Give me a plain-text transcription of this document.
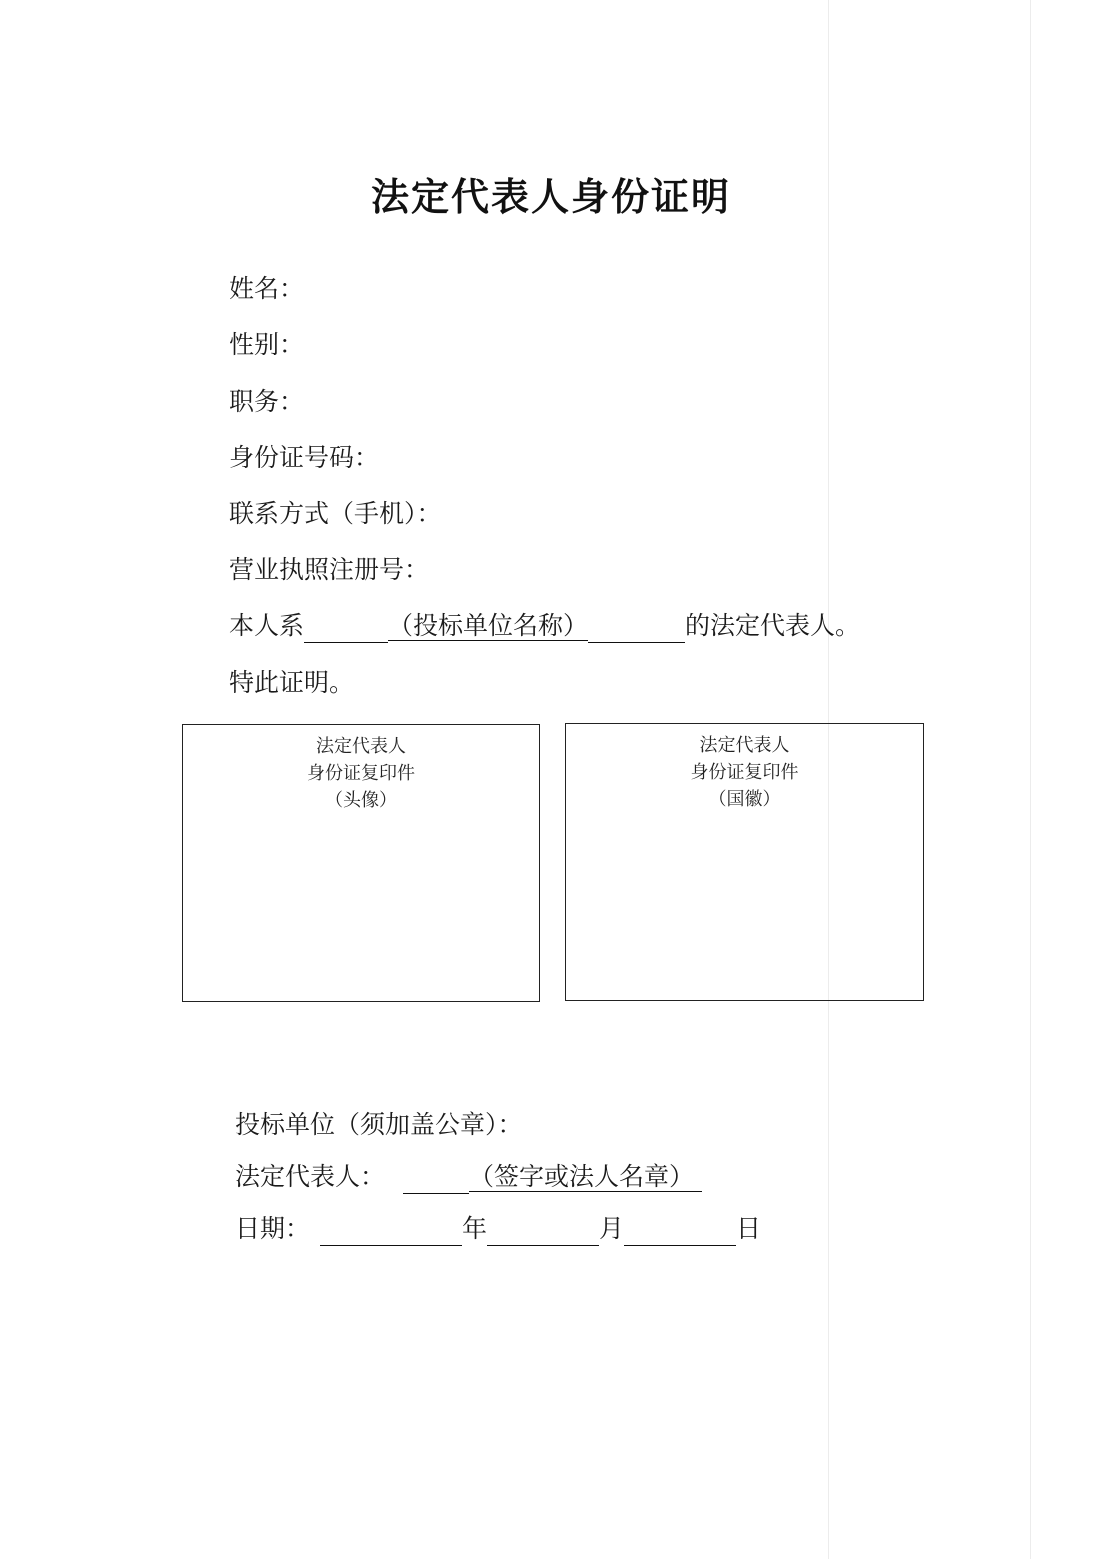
法定代表人身份证明
姓名：
性别：
职务：
身份证号码：
联系方式（手机）：
营业执照注册号：
本人系	（投标单位名称）	的法定代表人。
特此证明。
法定代表人
身份证复印件
（头像）
法定代表人
身份证复印件
（国徽）
投标单位（须加盖公章）：
法定代表人：	（签字或法人名章）
日期：	年	月	日
